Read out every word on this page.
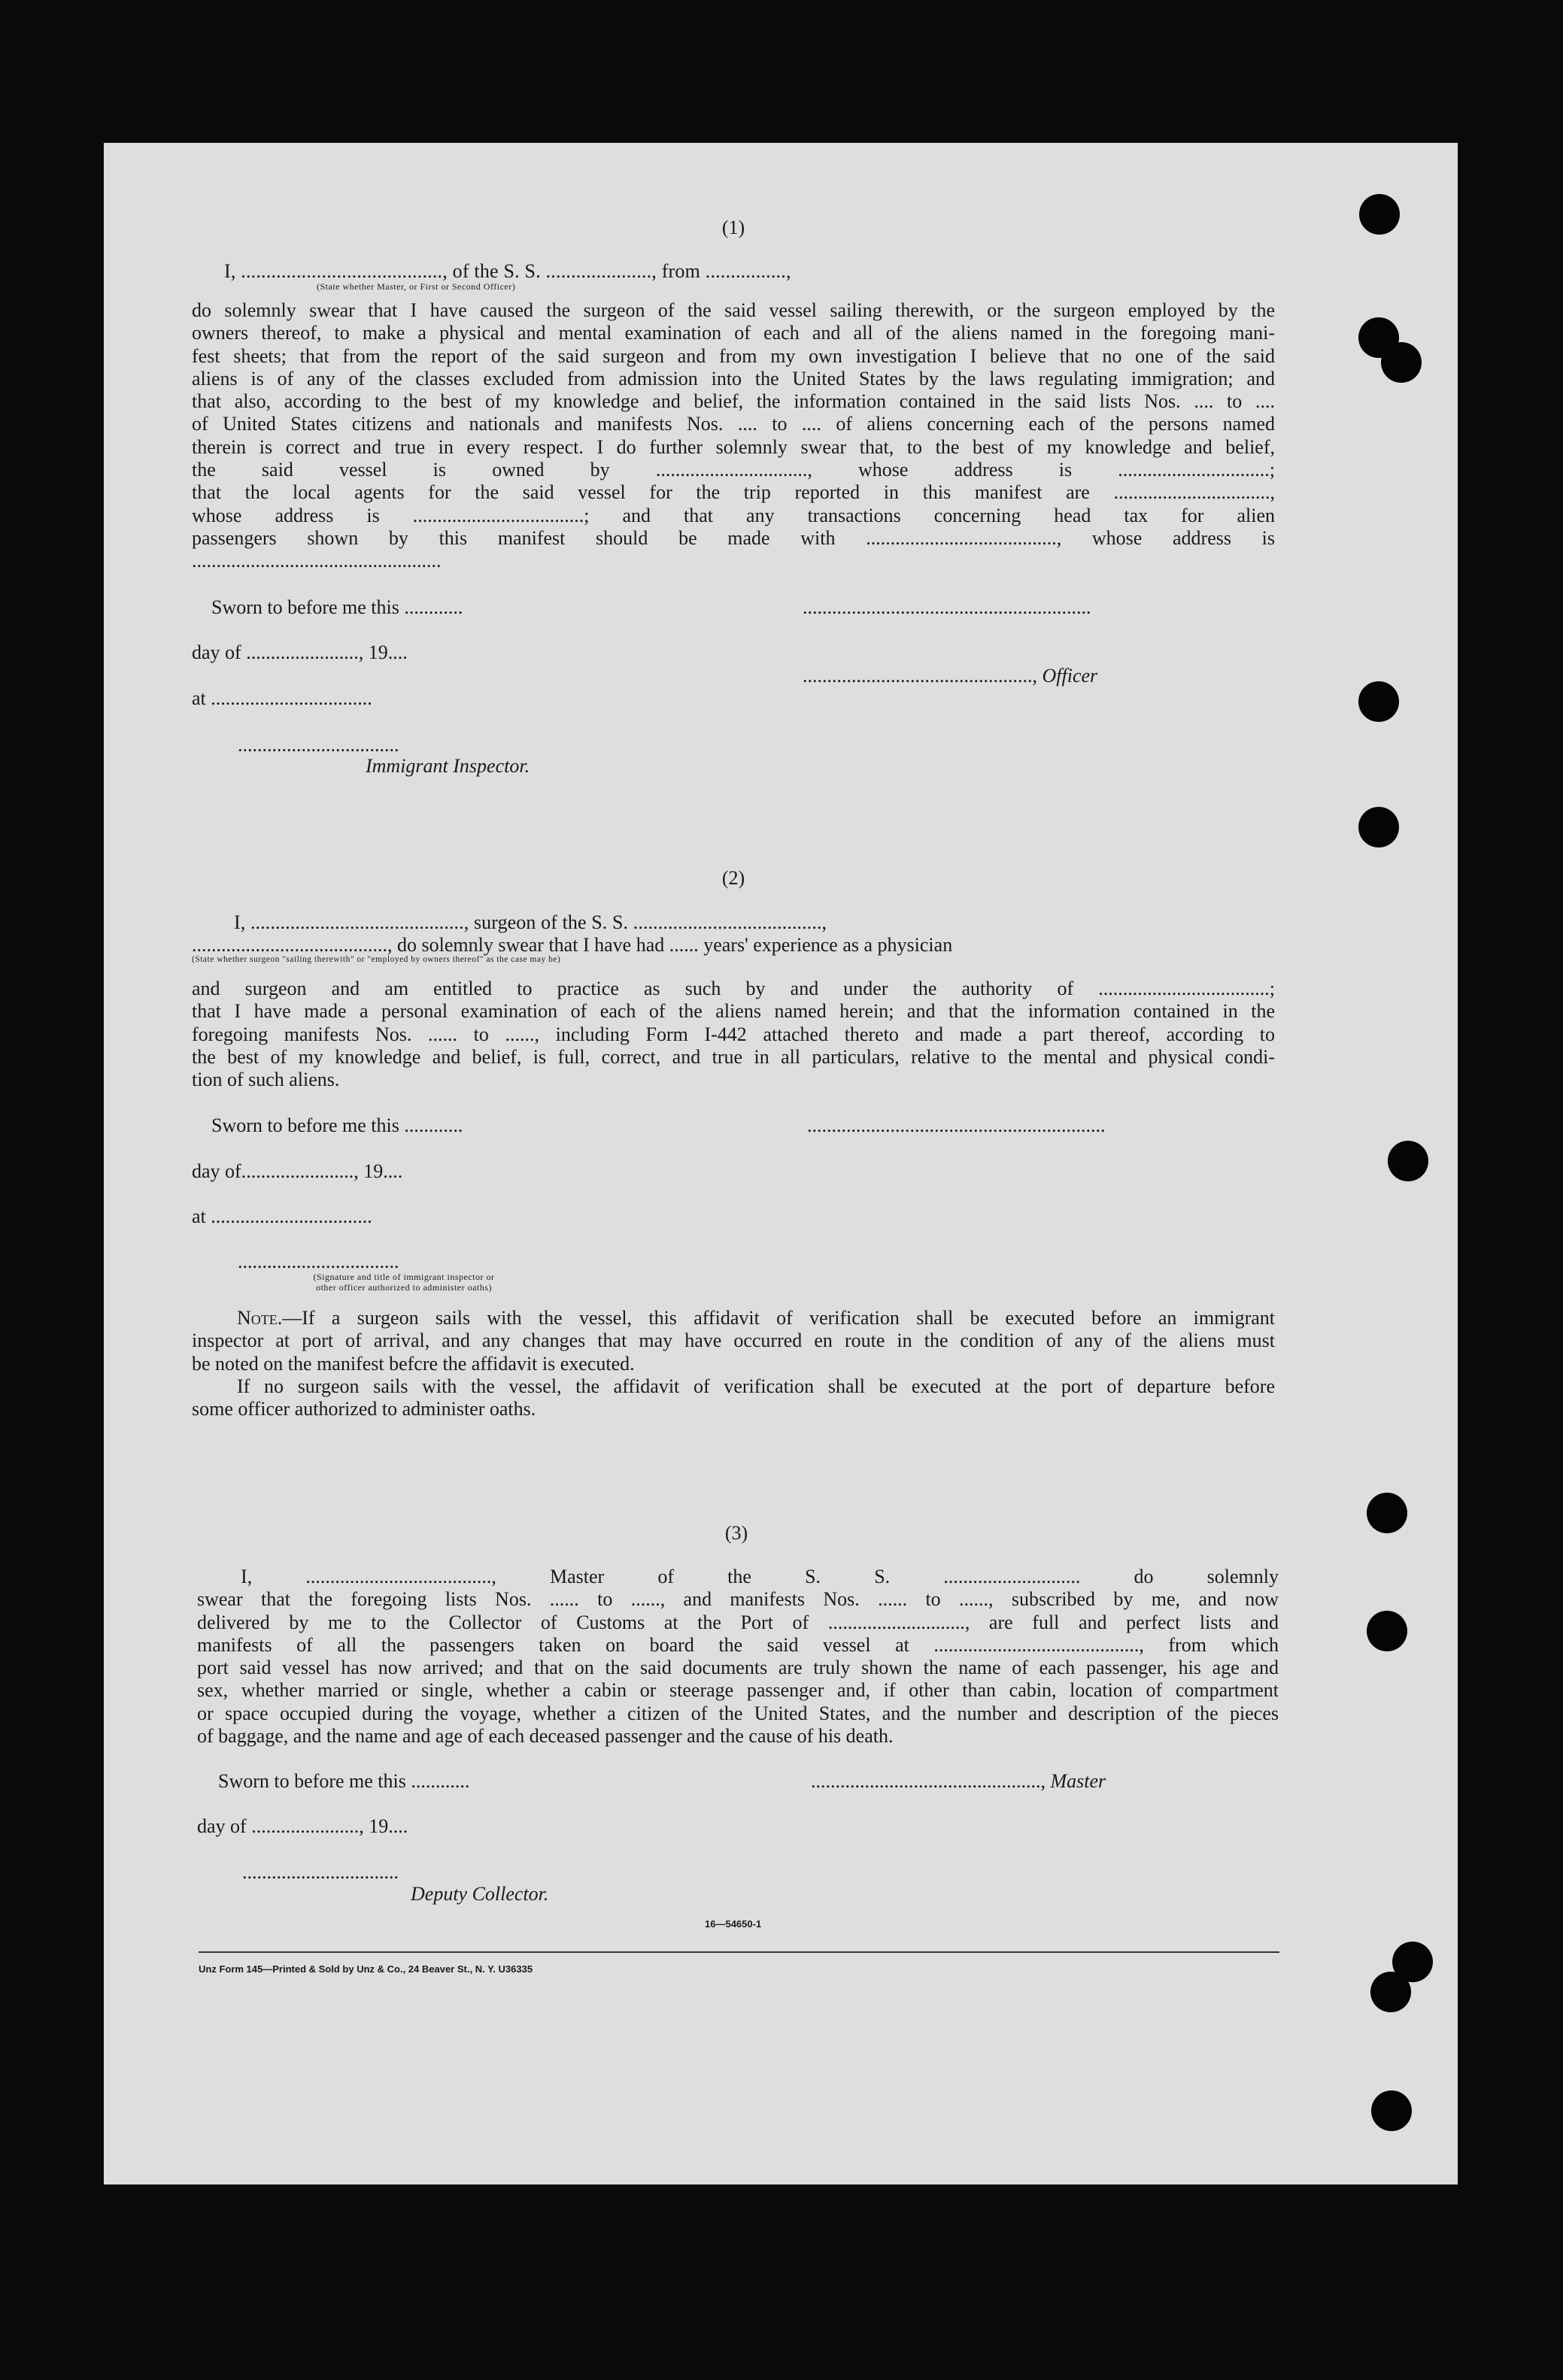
(1)
I, ........................................, of the S. S. ....................., from ................,
(State whether Master, or First or Second Officer)
do solemnly swear that I have caused the surgeon of the said vessel sailing therewith, or the surgeon employed by the
owners thereof, to make a physical and mental examination of each and all of the aliens named in the foregoing mani-
fest sheets; that from the report of the said surgeon and from my own investigation I believe that no one of the said
aliens is of any of the classes excluded from admission into the United States by the laws regulating immigration; and
that also, according to the best of my knowledge and belief, the information contained in the said lists Nos. .... to ....
of United States citizens and nationals and manifests Nos. .... to .... of aliens concerning each of the persons named
therein is correct and true in every respect. I do further solemnly swear that, to the best of my knowledge and belief,
the said vessel is owned by ..............................., whose address is ...............................;
that the local agents for the said vessel for the trip reported in this manifest are ................................,
whose address is ...................................; and that any transactions concerning head tax for alien
passengers shown by this manifest should be made with ......................................., whose address is
...................................................
Sworn to before me this ............	...........................................................
day of ......................., 19....
..............................................., Officer
at .................................
.................................
Immigrant Inspector.
(2)
I, ..........................................., surgeon of the S. S. ......................................,
........................................, do solemnly swear that I have had ...... years' experience as a physician
(State whether surgeon "sailing therewith" or "employed by owners thereof" as the case may be)
and surgeon and am entitled to practice as such by and under the authority of ...................................;
that I have made a personal examination of each of the aliens named herein; and that the information contained in the
foregoing manifests Nos. ...... to ......, including Form I-442 attached thereto and made a part thereof, according to
the best of my knowledge and belief, is full, correct, and true in all particulars, relative to the mental and physical condi-
tion of such aliens.
Sworn to before me this ............	.............................................................
day of......................., 19....
at .................................
.................................
(Signature and title of immigrant inspector or
other officer authorized to administer oaths)
Note.—If a surgeon sails with the vessel, this affidavit of verification shall be executed before an immigrant
inspector at port of arrival, and any changes that may have occurred en route in the condition of any of the aliens must
be noted on the manifest befcre the affidavit is executed.
If no surgeon sails with the vessel, the affidavit of verification shall be executed at the port of departure before
some officer authorized to administer oaths.
(3)
I, ......................................, Master of the S. S. ............................ do solemnly
swear that the foregoing lists Nos. ...... to ......, and manifests Nos. ...... to ......, subscribed by me, and now
delivered by me to the Collector of Customs at the Port of ............................, are full and perfect lists and
manifests of all the passengers taken on board the said vessel at .........................................., from which
port said vessel has now arrived; and that on the said documents are truly shown the name of each passenger, his age and
sex, whether married or single, whether a cabin or steerage passenger and, if other than cabin, location of compartment
or space occupied during the voyage, whether a citizen of the United States, and the number and description of the pieces
of baggage, and the name and age of each deceased passenger and the cause of his death.
Sworn to before me this ............	..............................................., Master
day of ......................, 19....
................................
Deputy Collector.
16—54650-1
Unz Form 145—Printed & Sold by Unz & Co., 24 Beaver St., N. Y. U36335
